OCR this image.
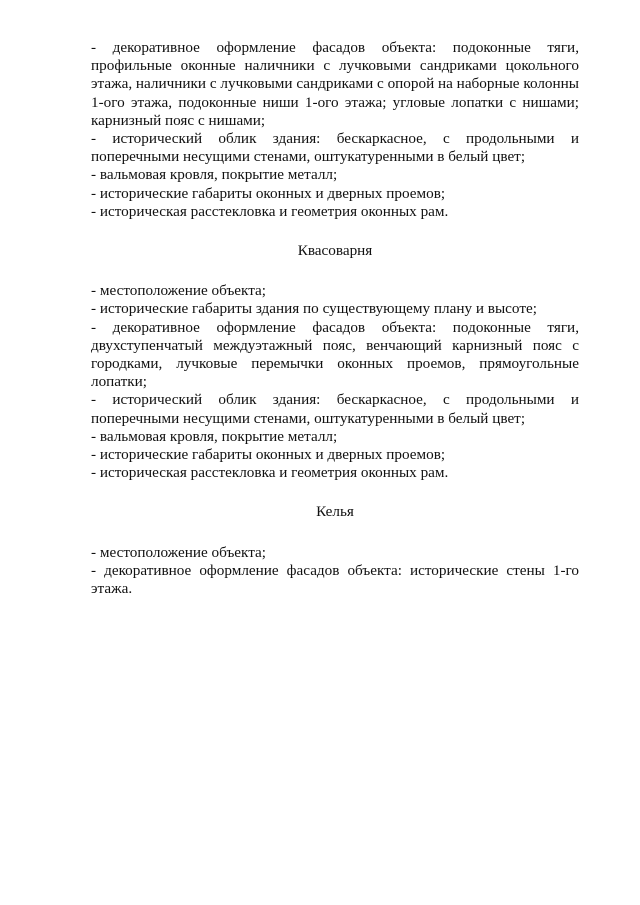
- декоративное оформление фасадов объекта: подоконные тяги, профильные оконные наличники с лучковыми сандриками цокольного этажа, наличники с лучковыми сандриками с опорой на наборные колонны 1-ого этажа, подоконные ниши 1-ого этажа; угловые лопатки с нишами; карнизный пояс с нишами;

- исторический облик здания: бескаркасное, с продольными и поперечными несущими стенами, оштукатуренными в белый цвет;

- вальмовая кровля, покрытие металл;

- исторические габариты оконных и дверных проемов;

- историческая расстекловка и геометрия оконных рам.

Квасоварня

- местоположение объекта;

- исторические габариты здания по существующему плану и высоте;

- декоративное оформление фасадов объекта: подоконные тяги, двухступенчатый междуэтажный пояс, венчающий карнизный пояс с городками, лучковые перемычки оконных проемов, прямоугольные лопатки;

- исторический облик здания: бескаркасное, с продольными и поперечными несущими стенами, оштукатуренными в белый цвет;

- вальмовая кровля, покрытие металл;

- исторические габариты оконных и дверных проемов;

- историческая расстекловка и геометрия оконных рам.

Келья

- местоположение объекта;

- декоративное оформление фасадов объекта: исторические стены 1-го этажа.
